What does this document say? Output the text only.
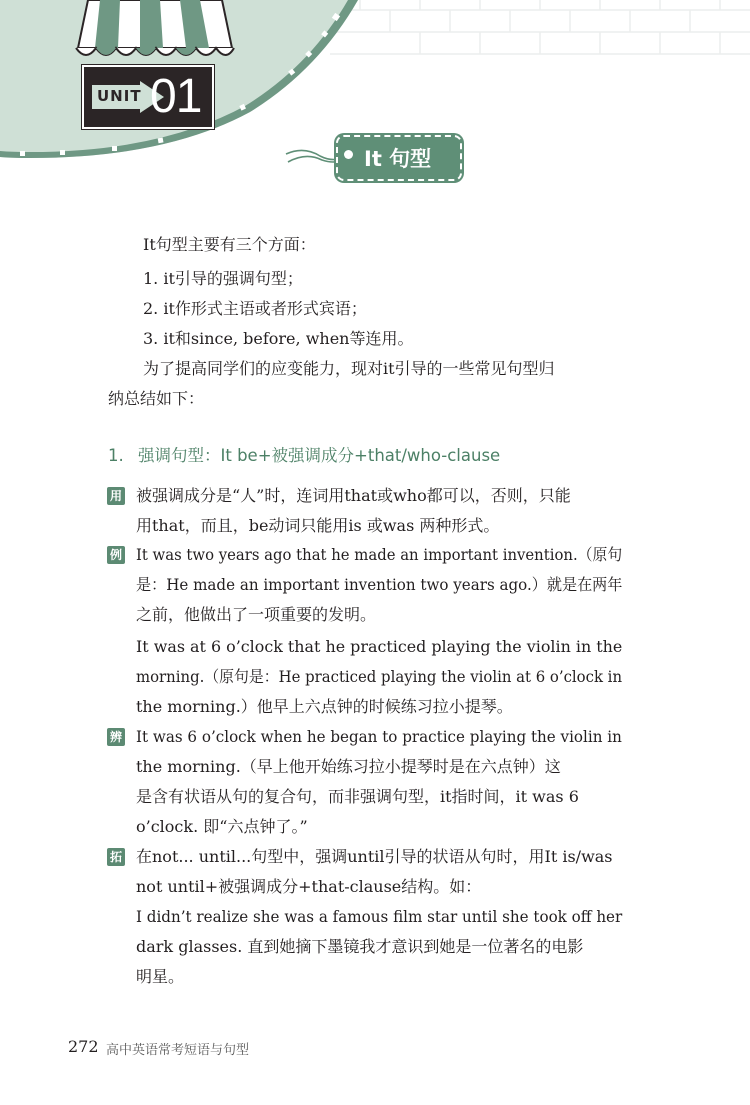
UNIT 01
It 句型
It句型主要有三个方面：
1. it引导的强调句型；
2. it作形式主语或者形式宾语；
3. it和since, before, when等连用。
为了提高同学们的应变能力，现对it引导的一些常见句型归
纳总结如下：
1. 强调句型：It be+被强调成分+that/who-clause
用 被强调成分是“人”时，连词用that或who都可以，否则，只能
用that，而且，be动词只能用is 或was 两种形式。
例 It was two years ago that he made an important invention.（原句
是：He made an important invention two years ago.）就是在两年
之前，他做出了一项重要的发明。
It was at 6 o’clock that he practiced playing the violin in the
morning.（原句是：He practiced playing the violin at 6 o’clock in
the morning.）他早上六点钟的时候练习拉小提琴。
辨 It was 6 o’clock when he began to practice playing the violin in
the morning.（早上他开始练习拉小提琴时是在六点钟）这
是含有状语从句的复合句，而非强调句型，it指时间，it was 6
o’clock. 即“六点钟了。”
拓 在not... until...句型中，强调until引导的状语从句时，用It is/was
not until+被强调成分+that-clause结构。如：
I didn’t realize she was a famous film star until she took off her
dark glasses. 直到她摘下墨镜我才意识到她是一位著名的电影
明星。
272 高中英语常考短语与句型
